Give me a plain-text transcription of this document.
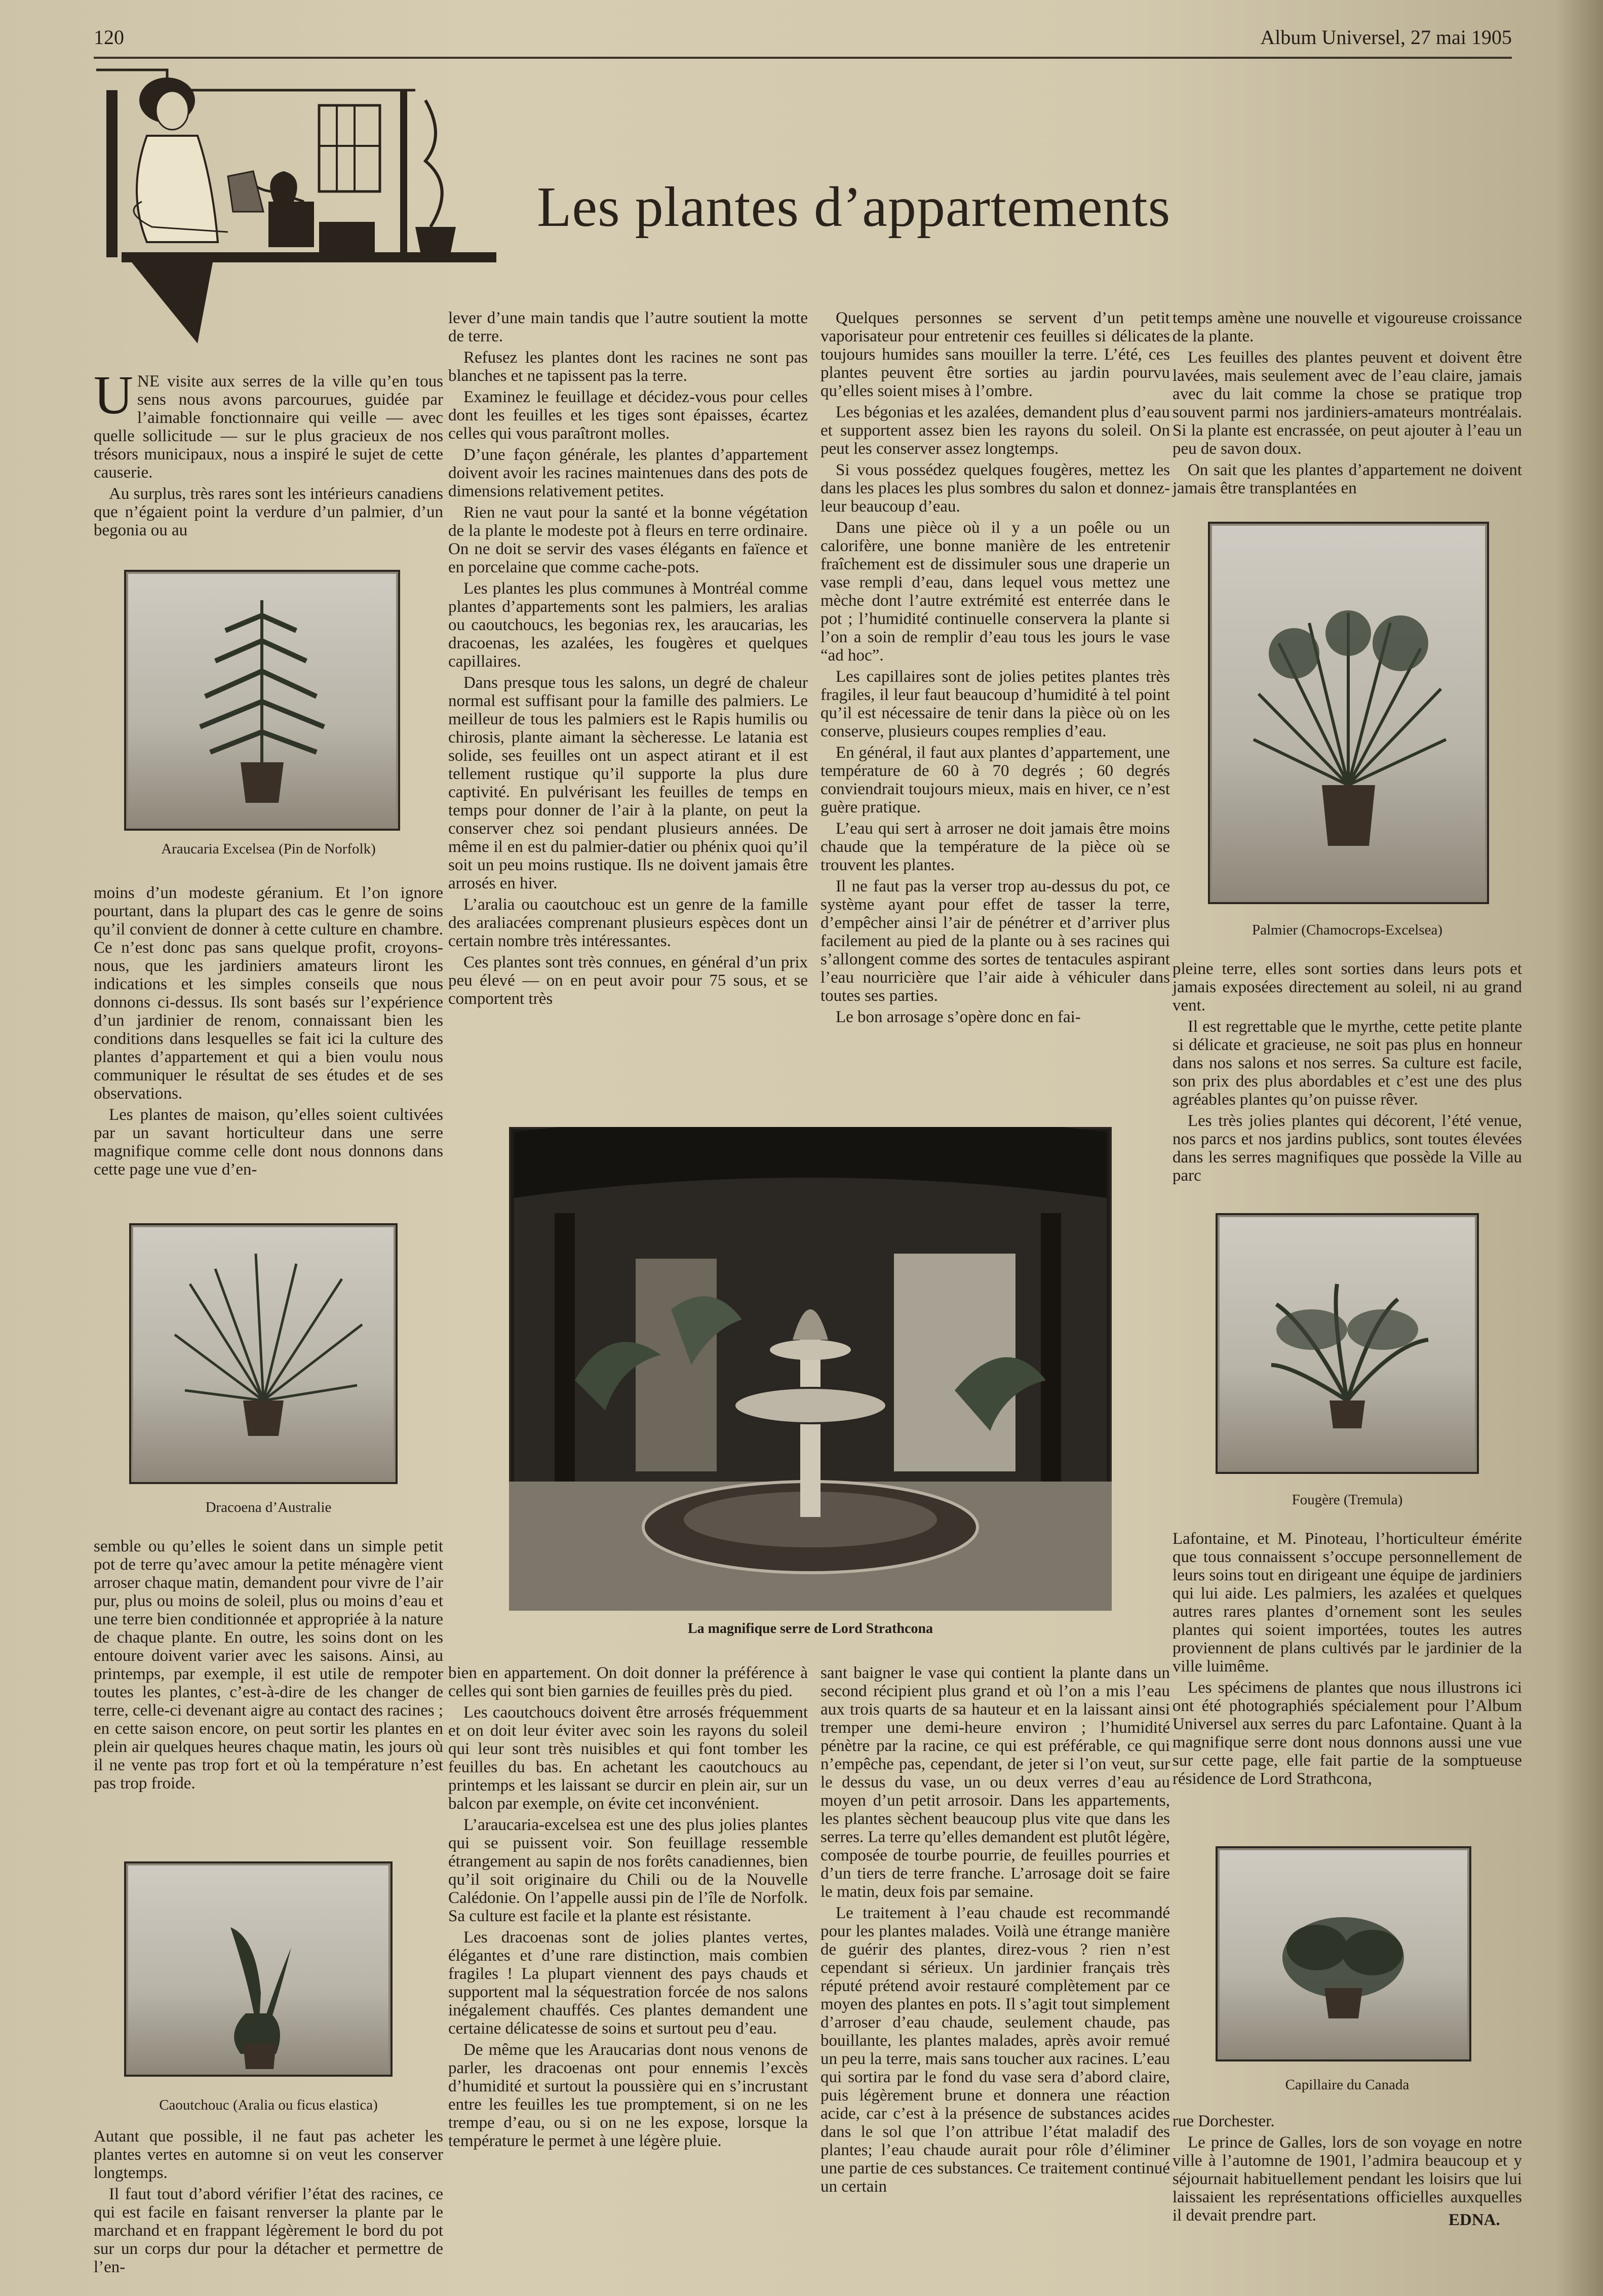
120	Album Universel, 27 mai 1905
Les plantes d’appartements

UNE visite aux serres de la ville qu’en tous sens nous avons parcourues, guidée par l’aimable fonctionnaire qui veille — avec quelle sollicitude — sur le plus gracieux de nos trésors municipaux, nous a inspiré le sujet de cette causerie.

Au surplus, très rares sont les intérieurs canadiens que n’égaient point la verdure d’un palmier, d’un begonia ou au

Araucaria Excelsea (Pin de Norfolk)

moins d’un modeste géranium. Et l’on ignore pourtant, dans la plupart des cas le genre de soins qu’il convient de donner à cette culture en chambre. Ce n’est donc pas sans quelque profit, croyons-nous, que les jardiniers amateurs liront les indications et les simples conseils que nous donnons ci-dessus. Ils sont basés sur l’expérience d’un jardinier de renom, connaissant bien les conditions dans lesquelles se fait ici la culture des plantes d’appartement et qui a bien voulu nous communiquer le résultat de ses études et de ses observations.

Les plantes de maison, qu’elles soient cultivées par un savant horticulteur dans une serre magnifique comme celle dont nous donnons dans cette page une vue d’en-

Dracoena d’Australie

semble ou qu’elles le soient dans un simple petit pot de terre qu’avec amour la petite ménagère vient arroser chaque matin, demandent pour vivre de l’air pur, plus ou moins de soleil, plus ou moins d’eau et une terre bien conditionnée et appropriée à la nature de chaque plante. En outre, les soins dont on les entoure doivent varier avec les saisons. Ainsi, au printemps, par exemple, il est utile de rempoter toutes les plantes, c’est-à-dire de les changer de terre, celle-ci devenant aigre au contact des racines ; en cette saison encore, on peut sortir les plantes en plein air quelques heures chaque matin, les jours où il ne vente pas trop fort et où la température n’est pas trop froide.

Caoutchouc (Aralia ou ficus elastica)

Autant que possible, il ne faut pas acheter les plantes vertes en automne si on veut les conserver longtemps.

Il faut tout d’abord vérifier l’état des racines, ce qui est facile en faisant renverser la plante par le marchand et en frappant légèrement le bord du pot sur un corps dur pour la détacher et permettre de l’en-

lever d’une main tandis que l’autre soutient la motte de terre.

Refusez les plantes dont les racines ne sont pas blanches et ne tapissent pas la terre.

Examinez le feuillage et décidez-vous pour celles dont les feuilles et les tiges sont épaisses, écartez celles qui vous paraîtront molles.

D’une façon générale, les plantes d’appartement doivent avoir les racines maintenues dans des pots de dimensions relativement petites.

Rien ne vaut pour la santé et la bonne végétation de la plante le modeste pot à fleurs en terre ordinaire. On ne doit se servir des vases élégants en faïence et en porcelaine que comme cache-pots.

Les plantes les plus communes à Montréal comme plantes d’appartements sont les palmiers, les aralias ou caoutchoucs, les begonias rex, les araucarias, les dracoenas, les azalées, les fougères et quelques capillaires.

Dans presque tous les salons, un degré de chaleur normal est suffisant pour la famille des palmiers. Le meilleur de tous les palmiers est le Rapis humilis ou chirosis, plante aimant la sècheresse. Le latania est solide, ses feuilles ont un aspect atirant et il est tellement rustique qu’il supporte la plus dure captivité. En pulvérisant les feuilles de temps en temps pour donner de l’air à la plante, on peut la conserver chez soi pendant plusieurs années. De même il en est du palmier-datier ou phénix quoi qu’il soit un peu moins rustique. Ils ne doivent jamais être arrosés en hiver.

L’aralia ou caoutchouc est un genre de la famille des araliacées comprenant plusieurs espèces dont un certain nombre très intéressantes.

Ces plantes sont très connues, en général d’un prix peu élevé — on en peut avoir pour 75 sous, et se comportent très

bien en appartement. On doit donner la préférence à celles qui sont bien garnies de feuilles près du pied.

Les caoutchoucs doivent être arrosés fréquemment et on doit leur éviter avec soin les rayons du soleil qui leur sont très nuisibles et qui font tomber les feuilles du bas. En achetant les caoutchoucs au printemps et les laissant se durcir en plein air, sur un balcon par exemple, on évite cet inconvénient.

L’araucaria-excelsea est une des plus jolies plantes qui se puissent voir. Son feuillage ressemble étrangement au sapin de nos forêts canadiennes, bien qu’il soit originaire du Chili ou de la Nouvelle Calédonie. On l’appelle aussi pin de l’île de Norfolk. Sa culture est facile et la plante est résistante.

Les dracoenas sont de jolies plantes vertes, élégantes et d’une rare distinction, mais combien fragiles ! La plupart viennent des pays chauds et supportent mal la séquestration forcée de nos salons inégalement chauffés. Ces plantes demandent une certaine délicatesse de soins et surtout peu d’eau.

De même que les Araucarias dont nous venons de parler, les dracoenas ont pour ennemis l’excès d’humidité et surtout la poussière qui en s’incrustant entre les feuilles les tue promptement, si on ne les trempe d’eau, ou si on ne les expose, lorsque la température le permet à une légère pluie.

La magnifique serre de Lord Strathcona

Quelques personnes se servent d’un petit vaporisateur pour entretenir ces feuilles si délicates toujours humides sans mouiller la terre. L’été, ces plantes peuvent être sorties au jardin pourvu qu’elles soient mises à l’ombre.

Les bégonias et les azalées, demandent plus d’eau et supportent assez bien les rayons du soleil. On peut les conserver assez longtemps.

Si vous possédez quelques fougères, mettez les dans les places les plus sombres du salon et donnez-leur beaucoup d’eau.

Dans une pièce où il y a un poêle ou un calorifère, une bonne manière de les entretenir fraîchement est de dissimuler sous une draperie un vase rempli d’eau, dans lequel vous mettez une mèche dont l’autre extrémité est enterrée dans le pot ; l’humidité continuelle conservera la plante si l’on a soin de remplir d’eau tous les jours le vase “ad hoc”.

Les capillaires sont de jolies petites plantes très fragiles, il leur faut beaucoup d’humidité à tel point qu’il est nécessaire de tenir dans la pièce où on les conserve, plusieurs coupes remplies d’eau.

En général, il faut aux plantes d’appartement, une température de 60 à 70 degrés ; 60 degrés conviendrait toujours mieux, mais en hiver, ce n’est guère pratique.

L’eau qui sert à arroser ne doit jamais être moins chaude que la température de la pièce où se trouvent les plantes.

Il ne faut pas la verser trop au-dessus du pot, ce système ayant pour effet de tasser la terre, d’empêcher ainsi l’air de pénétrer et d’arriver plus facilement au pied de la plante ou à ses racines qui s’allongent comme des sortes de tentacules aspirant l’eau nourricière que l’air aide à véhiculer dans toutes ses parties.

Le bon arrosage s’opère donc en fai-

sant baigner le vase qui contient la plante dans un second récipient plus grand et où l’on a mis l’eau aux trois quarts de sa hauteur et en la laissant ainsi tremper une demi-heure environ ; l’humidité pénètre par la racine, ce qui est préférable, ce qui n’empêche pas, cependant, de jeter si l’on veut, sur le dessus du vase, un ou deux verres d’eau au moyen d’un petit arrosoir. Dans les appartements, les plantes sèchent beaucoup plus vite que dans les serres. La terre qu’elles demandent est plutôt légère, composée de tourbe pourrie, de feuilles pourries et d’un tiers de terre franche. L’arrosage doit se faire le matin, deux fois par semaine.

Le traitement à l’eau chaude est recommandé pour les plantes malades. Voilà une étrange manière de guérir des plantes, direz-vous ? rien n’est cependant si sérieux. Un jardinier français très réputé prétend avoir restauré complètement par ce moyen des plantes en pots. Il s’agit tout simplement d’arroser d’eau chaude, seulement chaude, pas bouillante, les plantes malades, après avoir remué un peu la terre, mais sans toucher aux racines. L’eau qui sortira par le fond du vase sera d’abord claire, puis légèrement brune et donnera une réaction acide, car c’est à la présence de substances acides dans le sol que l’on attribue l’état maladif des plantes; l’eau chaude aurait pour rôle d’éliminer une partie de ces substances. Ce traitement continué un certain

temps amène une nouvelle et vigoureuse croissance de la plante.

Les feuilles des plantes peuvent et doivent être lavées, mais seulement avec de l’eau claire, jamais avec du lait comme la chose se pratique trop souvent parmi nos jardiniers-amateurs montréalais. Si la plante est encrassée, on peut ajouter à l’eau un peu de savon doux.

On sait que les plantes d’appartement ne doivent jamais être transplantées en

Palmier (Chamocrops-Excelsea)

pleine terre, elles sont sorties dans leurs pots et jamais exposées directement au soleil, ni au grand vent.

Il est regrettable que le myrthe, cette petite plante si délicate et gracieuse, ne soit pas plus en honneur dans nos salons et nos serres. Sa culture est facile, son prix des plus abordables et c’est une des plus agréables plantes qu’on puisse rêver.

Les très jolies plantes qui décorent, l’été venue, nos parcs et nos jardins publics, sont toutes élevées dans les serres magnifiques que possède la Ville au parc

Fougère (Tremula)

Lafontaine, et M. Pinoteau, l’horticulteur émérite que tous connaissent s’occupe personnellement de leurs soins tout en dirigeant une équipe de jardiniers qui lui aide. Les palmiers, les azalées et quelques autres rares plantes d’ornement sont les seules plantes qui soient importées, toutes les autres proviennent de plans cultivés par le jardinier de la ville luimême.

Les spécimens de plantes que nous illustrons ici ont été photographiés spécialement pour l’Album Universel aux serres du parc Lafontaine. Quant à la magnifique serre dont nous donnons aussi une vue sur cette page, elle fait partie de la somptueuse résidence de Lord Strathcona,

Capillaire du Canada

rue Dorchester.

Le prince de Galles, lors de son voyage en notre ville à l’automne de 1901, l’admira beaucoup et y séjournait habituellement pendant les loisirs que lui laissaient les représentations officielles auxquelles il devait prendre part.	EDNA.
